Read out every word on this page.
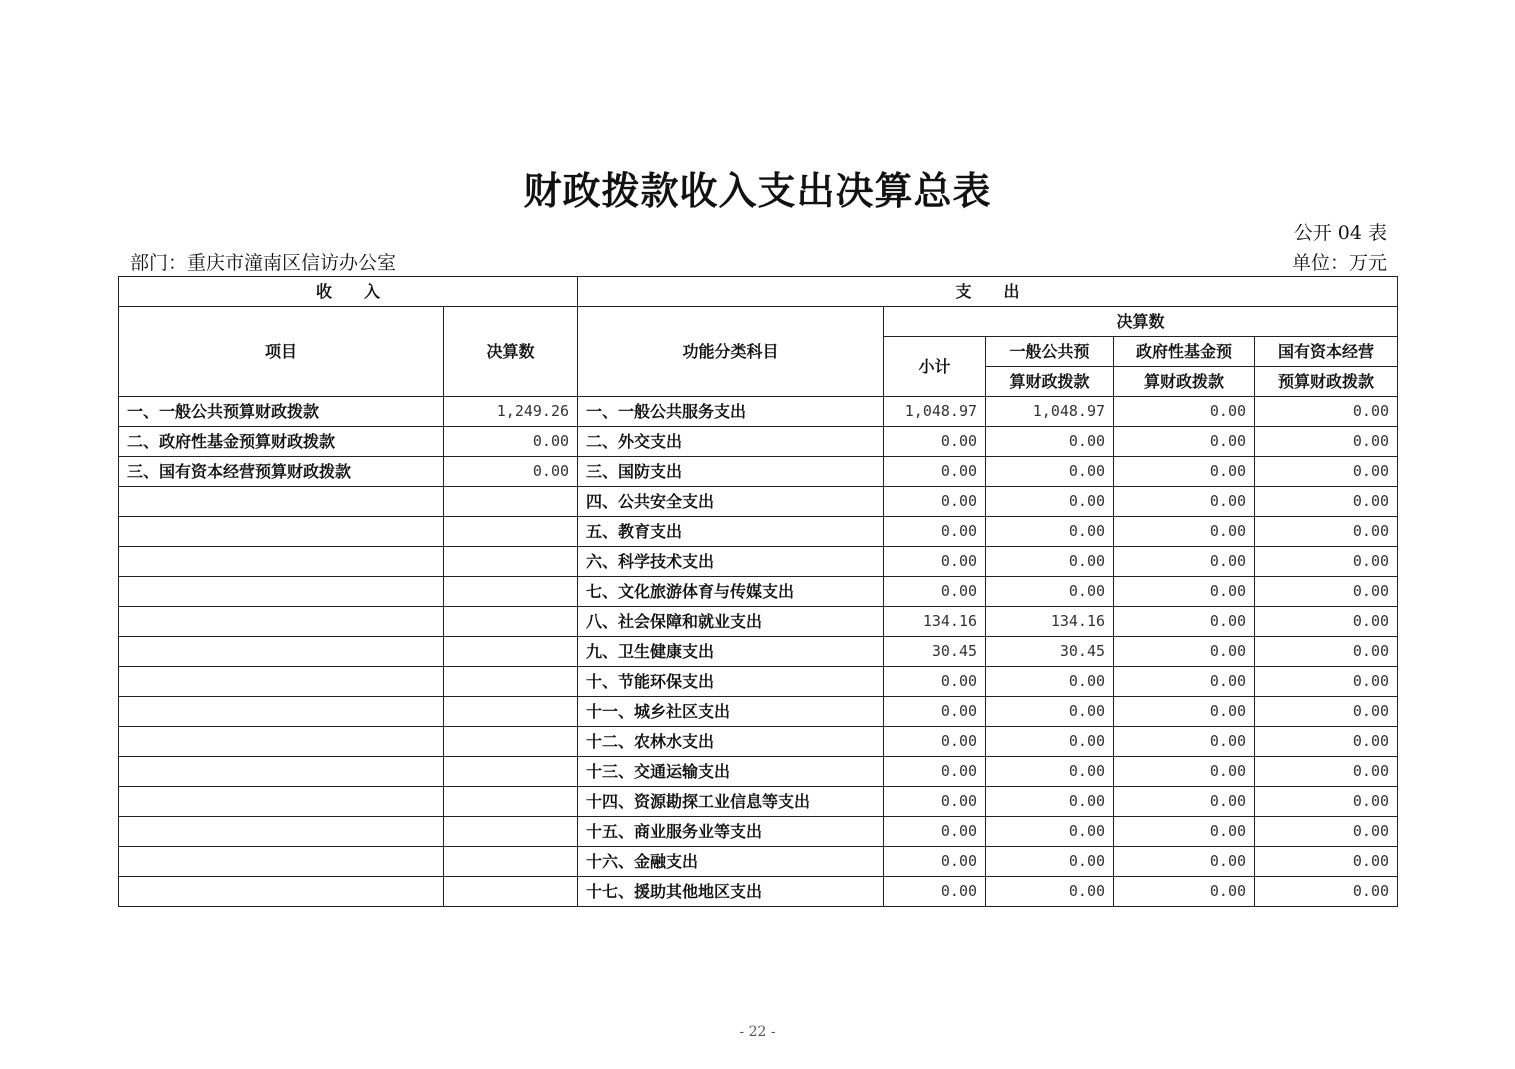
财政拨款收入支出决算总表
公开 04 表
部门：重庆市潼南区信访办公室	单位：万元
收　　入		支　　出				
项目	决算数	功能分类科目	决算数			
			小计	一般公共预	政府性基金预	国有资本经营
				算财政拨款	算财政拨款	预算财政拨款
一、一般公共预算财政拨款	1,249.26	一、一般公共服务支出	1,048.97	1,048.97	0.00	0.00
二、政府性基金预算财政拨款	0.00	二、外交支出	0.00	0.00	0.00	0.00
三、国有资本经营预算财政拨款	0.00	三、国防支出	0.00	0.00	0.00	0.00
		四、公共安全支出	0.00	0.00	0.00	0.00
		五、教育支出	0.00	0.00	0.00	0.00
		六、科学技术支出	0.00	0.00	0.00	0.00
		七、文化旅游体育与传媒支出	0.00	0.00	0.00	0.00
		八、社会保障和就业支出	134.16	134.16	0.00	0.00
		九、卫生健康支出	30.45	30.45	0.00	0.00
		十、节能环保支出	0.00	0.00	0.00	0.00
		十一、城乡社区支出	0.00	0.00	0.00	0.00
		十二、农林水支出	0.00	0.00	0.00	0.00
		十三、交通运输支出	0.00	0.00	0.00	0.00
		十四、资源勘探工业信息等支出	0.00	0.00	0.00	0.00
		十五、商业服务业等支出	0.00	0.00	0.00	0.00
		十六、金融支出	0.00	0.00	0.00	0.00
		十七、援助其他地区支出	0.00	0.00	0.00	0.00
- 22 -
